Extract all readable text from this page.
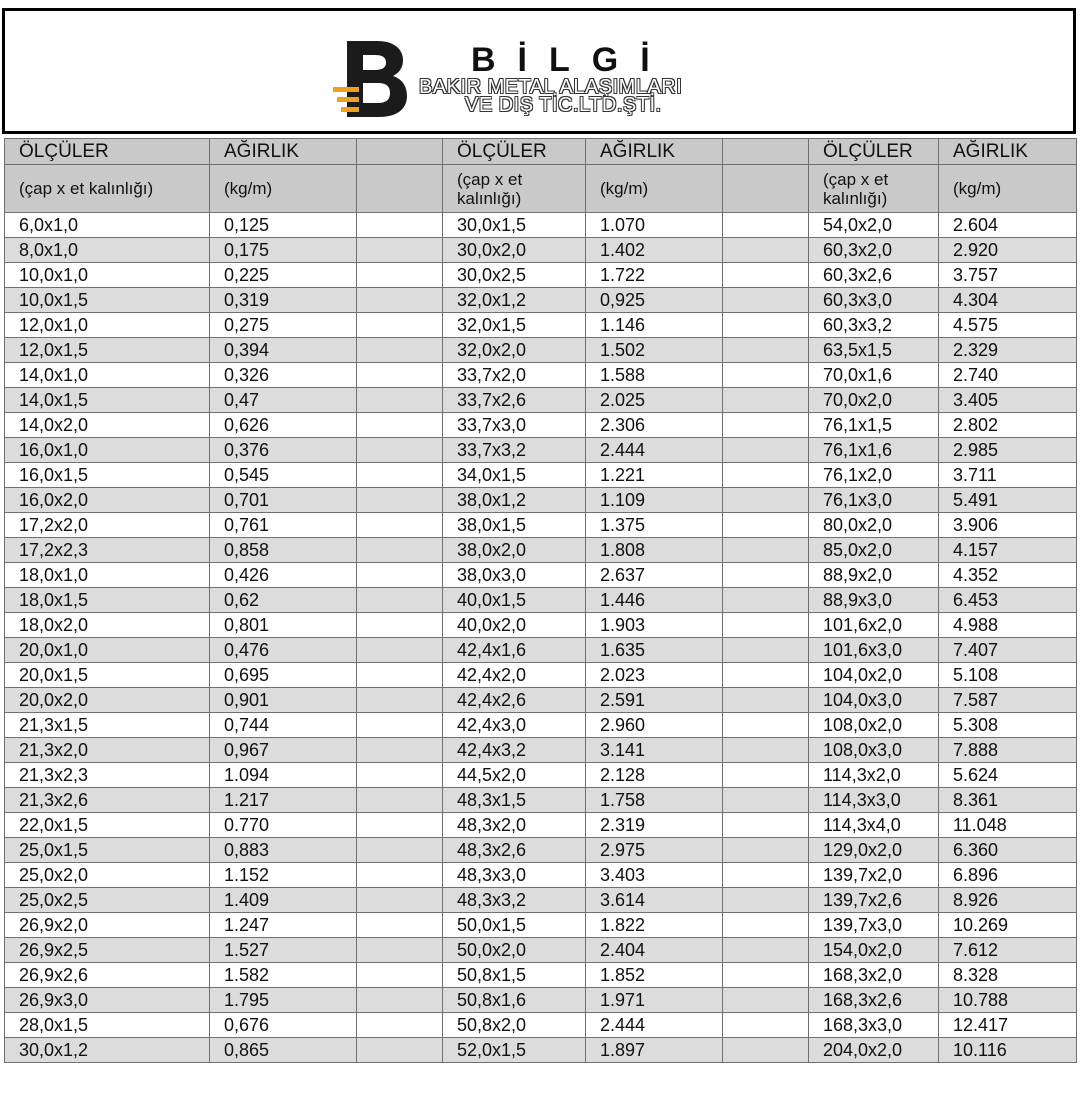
BİLGİ
BAKIR METAL ALAŞIMLARI
VE DIŞ TİC.LTD.ŞTİ.
ÖLÇÜLER	AĞIRLIK		ÖLÇÜLER	AĞIRLIK		ÖLÇÜLER	AĞIRLIK
(çap x et kalınlığı)	(kg/m)		(çap x et kalınlığı)	(kg/m)		(çap x et kalınlığı)	(kg/m)
6,0x1,0	0,125		30,0x1,5	1.070		54,0x2,0	2.604
8,0x1,0	0,175		30,0x2,0	1.402		60,3x2,0	2.920
10,0x1,0	0,225		30,0x2,5	1.722		60,3x2,6	3.757
10,0x1,5	0,319		32,0x1,2	0,925		60,3x3,0	4.304
12,0x1,0	0,275		32,0x1,5	1.146		60,3x3,2	4.575
12,0x1,5	0,394		32,0x2,0	1.502		63,5x1,5	2.329
14,0x1,0	0,326		33,7x2,0	1.588		70,0x1,6	2.740
14,0x1,5	0,47		33,7x2,6	2.025		70,0x2,0	3.405
14,0x2,0	0,626		33,7x3,0	2.306		76,1x1,5	2.802
16,0x1,0	0,376		33,7x3,2	2.444		76,1x1,6	2.985
16,0x1,5	0,545		34,0x1,5	1.221		76,1x2,0	3.711
16,0x2,0	0,701		38,0x1,2	1.109		76,1x3,0	5.491
17,2x2,0	0,761		38,0x1,5	1.375		80,0x2,0	3.906
17,2x2,3	0,858		38,0x2,0	1.808		85,0x2,0	4.157
18,0x1,0	0,426		38,0x3,0	2.637		88,9x2,0	4.352
18,0x1,5	0,62		40,0x1,5	1.446		88,9x3,0	6.453
18,0x2,0	0,801		40,0x2,0	1.903		101,6x2,0	4.988
20,0x1,0	0,476		42,4x1,6	1.635		101,6x3,0	7.407
20,0x1,5	0,695		42,4x2,0	2.023		104,0x2,0	5.108
20,0x2,0	0,901		42,4x2,6	2.591		104,0x3,0	7.587
21,3x1,5	0,744		42,4x3,0	2.960		108,0x2,0	5.308
21,3x2,0	0,967		42,4x3,2	3.141		108,0x3,0	7.888
21,3x2,3	1.094		44,5x2,0	2.128		114,3x2,0	5.624
21,3x2,6	1.217		48,3x1,5	1.758		114,3x3,0	8.361
22,0x1,5	0.770		48,3x2,0	2.319		114,3x4,0	11.048
25,0x1,5	0,883		48,3x2,6	2.975		129,0x2,0	6.360
25,0x2,0	1.152		48,3x3,0	3.403		139,7x2,0	6.896
25,0x2,5	1.409		48,3x3,2	3.614		139,7x2,6	8.926
26,9x2,0	1.247		50,0x1,5	1.822		139,7x3,0	10.269
26,9x2,5	1.527		50,0x2,0	2.404		154,0x2,0	7.612
26,9x2,6	1.582		50,8x1,5	1.852		168,3x2,0	8.328
26,9x3,0	1.795		50,8x1,6	1.971		168,3x2,6	10.788
28,0x1,5	0,676		50,8x2,0	2.444		168,3x3,0	12.417
30,0x1,2	0,865		52,0x1,5	1.897		204,0x2,0	10.116
